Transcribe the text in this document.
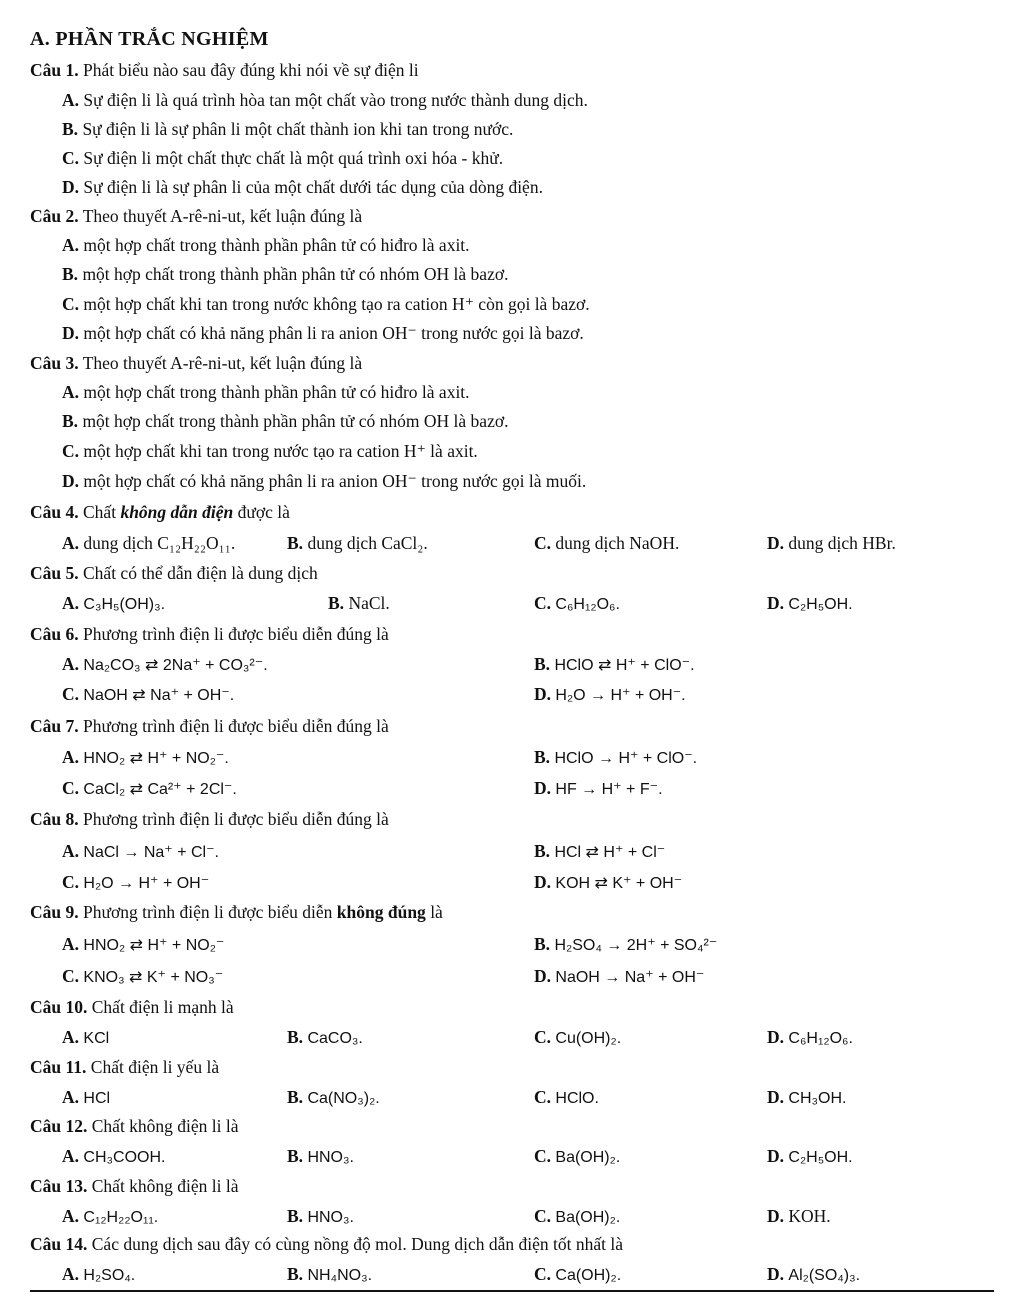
A. PHẦN TRẮC NGHIỆM
Câu 1. Phát biểu nào sau đây đúng khi nói về sự điện li
A. Sự điện li là quá trình hòa tan một chất vào trong nước thành dung dịch.
B. Sự điện li là sự phân li một chất thành ion khi tan trong nước.
C. Sự điện li một chất thực chất là một quá trình oxi hóa - khử.
D. Sự điện li là sự phân li của một chất dưới tác dụng của dòng điện.
Câu 2. Theo thuyết A-rê-ni-ut, kết luận đúng là
A. một hợp chất trong thành phần phân tử có hiđro là axit.
B. một hợp chất trong thành phần phân tử có nhóm OH là bazơ.
C. một hợp chất khi tan trong nước không tạo ra cation H⁺ còn gọi là bazơ.
D. một hợp chất có khả năng phân li ra anion OH⁻ trong nước gọi là bazơ.
Câu 3. Theo thuyết A-rê-ni-ut, kết luận đúng là
A. một hợp chất trong thành phần phân tử có hiđro là axit.
B. một hợp chất trong thành phần phân tử có nhóm OH là bazơ.
C. một hợp chất khi tan trong nước tạo ra cation H⁺ là axit.
D. một hợp chất có khả năng phân li ra anion OH⁻ trong nước gọi là muối.
Câu 4. Chất không dẫn điện được là
A. dung dịch C₁₂H₂₂O₁₁.	B. dung dịch CaCl₂.	C. dung dịch NaOH.	D. dung dịch HBr.
Câu 5. Chất có thể dẫn điện là dung dịch
A. C₃H₅(OH)₃.	B. NaCl.	C. C₆H₁₂O₆.	D. C₂H₅OH.
Câu 6. Phương trình điện li được biểu diễn đúng là
A. Na₂CO₃ ⇄ 2Na⁺ + CO₃²⁻.	B. HClO ⇄ H⁺ + ClO⁻.
C. NaOH ⇄ Na⁺ + OH⁻.	D. H₂O → H⁺ + OH⁻.
Câu 7. Phương trình điện li được biểu diễn đúng là
A. HNO₂ ⇄ H⁺ + NO₂⁻.	B. HClO → H⁺ + ClO⁻.
C. CaCl₂ ⇄ Ca²⁺ + 2Cl⁻.	D. HF → H⁺ + F⁻.
Câu 8. Phương trình điện li được biểu diễn đúng là
A. NaCl → Na⁺ + Cl⁻.	B. HCl ⇄ H⁺ + Cl⁻
C. H₂O → H⁺ + OH⁻	D. KOH ⇄ K⁺ + OH⁻
Câu 9. Phương trình điện li được biểu diễn không đúng là
A. HNO₂ ⇄ H⁺ + NO₂⁻	B. H₂SO₄ → 2H⁺ + SO₄²⁻
C. KNO₃ ⇄ K⁺ + NO₃⁻	D. NaOH → Na⁺ + OH⁻
Câu 10. Chất điện li mạnh là
A. KCl	B. CaCO₃.	C. Cu(OH)₂.	D. C₆H₁₂O₆.
Câu 11. Chất điện li yếu là
A. HCl	B. Ca(NO₃)₂.	C. HClO.	D. CH₃OH.
Câu 12. Chất không điện li là
A. CH₃COOH.	B. HNO₃.	C. Ba(OH)₂.	D. C₂H₅OH.
Câu 13. Chất không điện li là
A. C₁₂H₂₂O₁₁.	B. HNO₃.	C. Ba(OH)₂.	D. KOH.
Câu 14. Các dung dịch sau đây có cùng nồng độ mol. Dung dịch dẫn điện tốt nhất là
A. H₂SO₄.	B. NH₄NO₃.	C. Ca(OH)₂.	D. Al₂(SO₄)₃.
